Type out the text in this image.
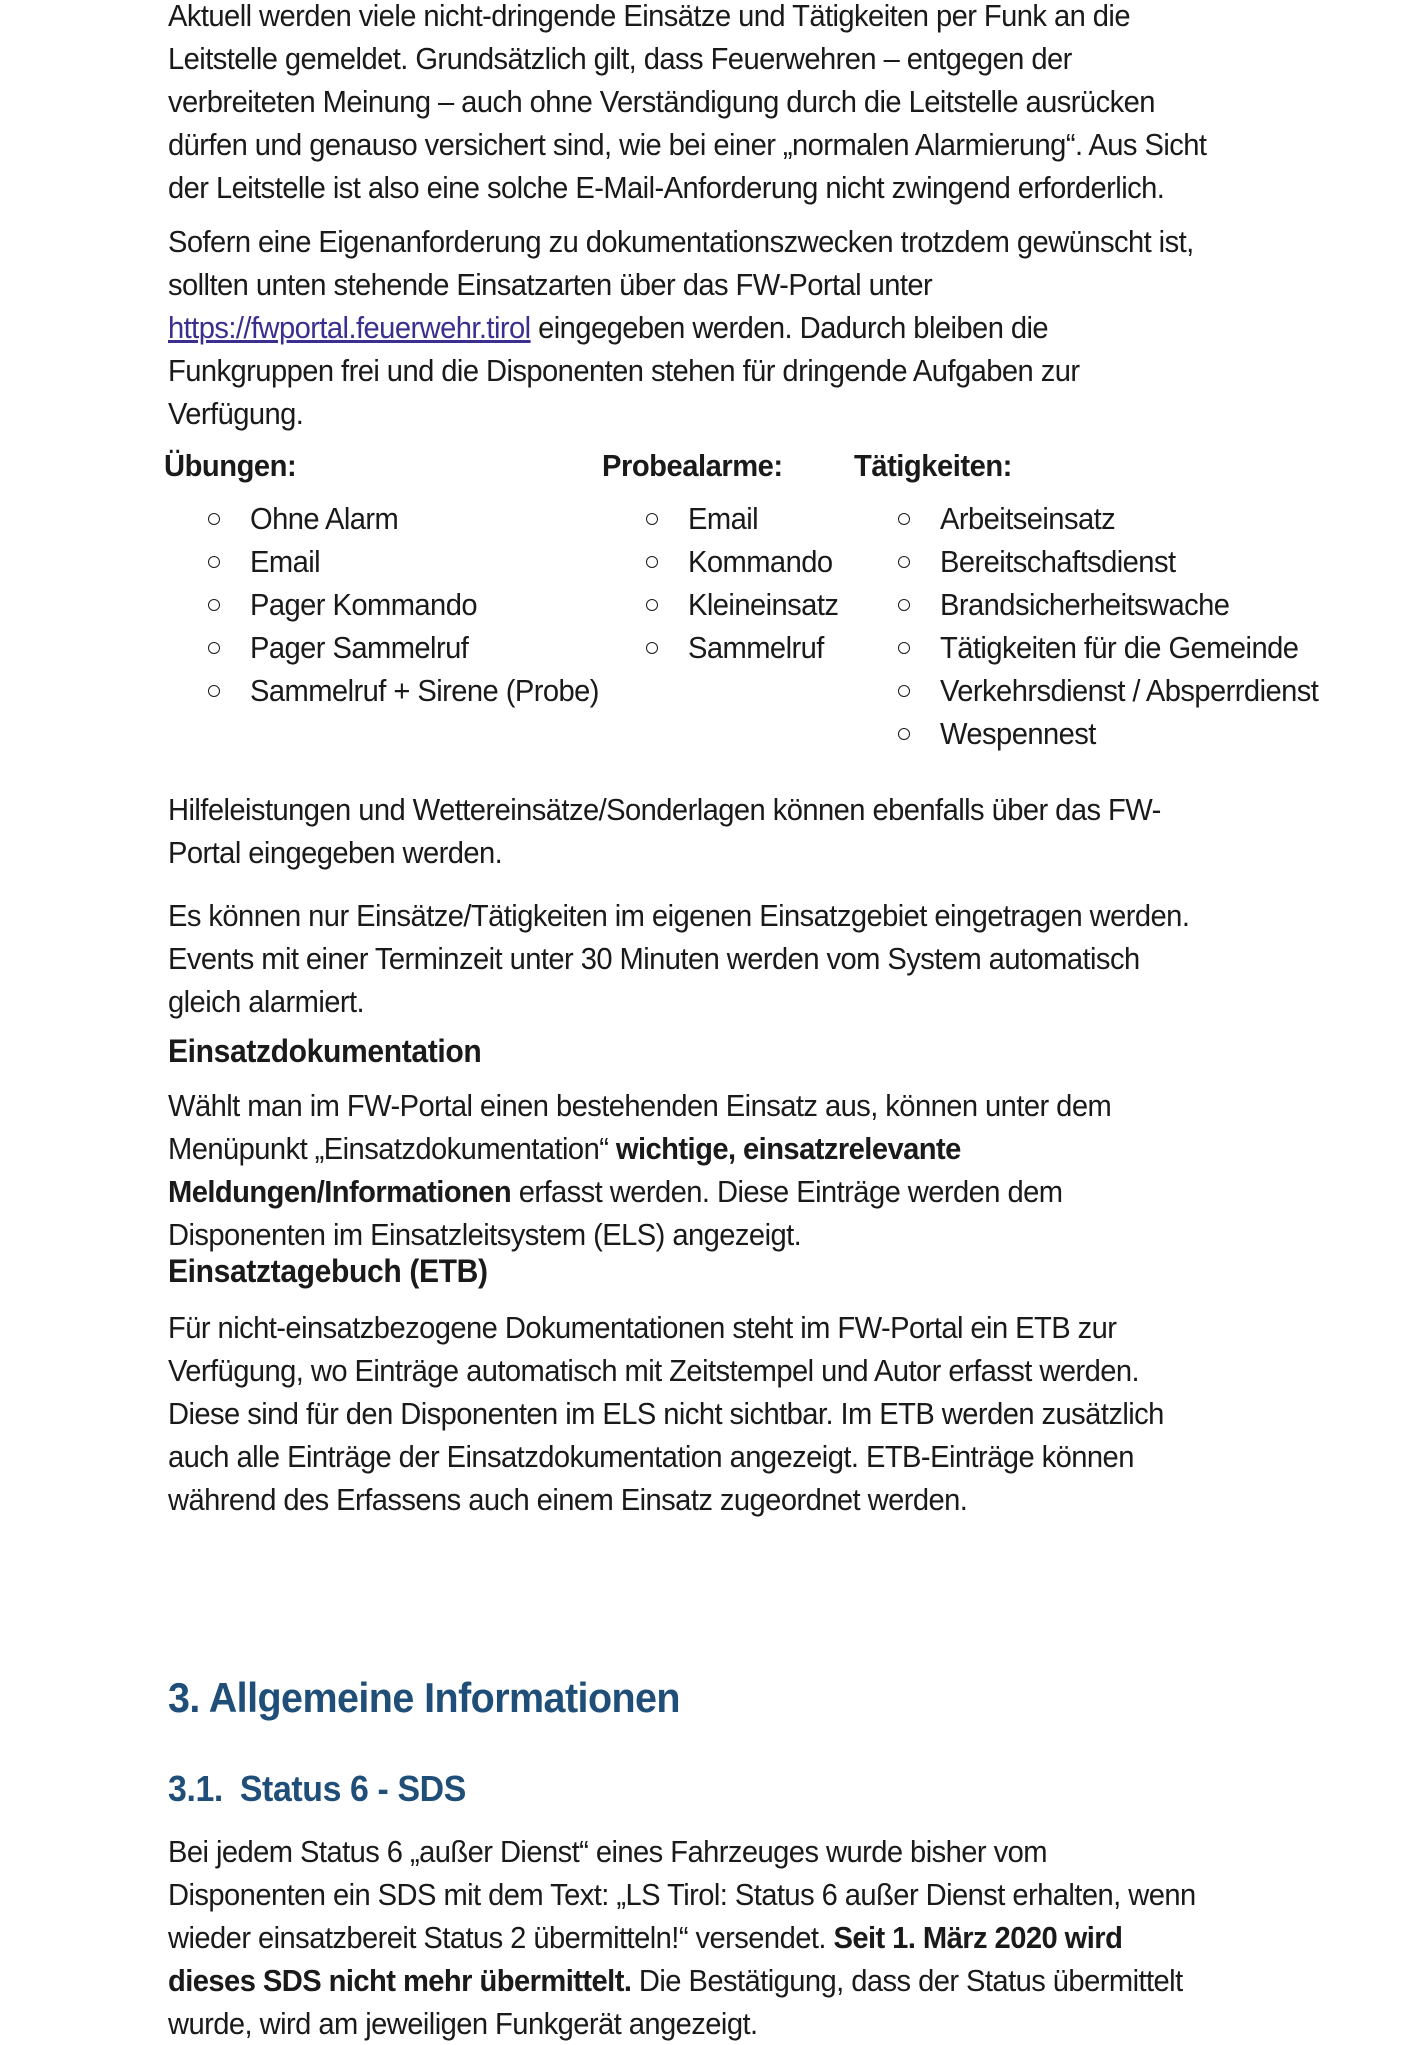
Aktuell werden viele nicht-dringende Einsätze und Tätigkeiten per Funk an die Leitstelle gemeldet. Grundsätzlich gilt, dass Feuerwehren – entgegen der verbreiteten Meinung – auch ohne Verständigung durch die Leitstelle ausrücken dürfen und genauso versichert sind, wie bei einer „normalen Alarmierung“. Aus Sicht der Leitstelle ist also eine solche E-Mail-Anforderung nicht zwingend erforderlich.

Sofern eine Eigenanforderung zu dokumentationszwecken trotzdem gewünscht ist, sollten unten stehende Einsatzarten über das FW-Portal unter https://fwportal.feuerwehr.tirol eingegeben werden. Dadurch bleiben die Funkgruppen frei und die Disponenten stehen für dringende Aufgaben zur Verfügung.

Übungen:
Ohne Alarm
Email
Pager Kommando
Pager Sammelruf
Sammelruf + Sirene (Probe)
Probealarme:
Email
Kommando
Kleineinsatz
Sammelruf
Tätigkeiten:
Arbeitseinsatz
Bereitschaftsdienst
Brandsicherheitswache
Tätigkeiten für die Gemeinde
Verkehrsdienst / Absperrdienst
Wespennest

Hilfeleistungen und Wettereinsätze/Sonderlagen können ebenfalls über das FW-Portal eingegeben werden.

Es können nur Einsätze/Tätigkeiten im eigenen Einsatzgebiet eingetragen werden. Events mit einer Terminzeit unter 30 Minuten werden vom System automatisch gleich alarmiert.

Einsatzdokumentation

Wählt man im FW-Portal einen bestehenden Einsatz aus, können unter dem Menüpunkt „Einsatzdokumentation“ wichtige, einsatzrelevante Meldungen/Informationen erfasst werden. Diese Einträge werden dem Disponenten im Einsatzleitsystem (ELS) angezeigt.

Einsatztagebuch (ETB)

Für nicht-einsatzbezogene Dokumentationen steht im FW-Portal ein ETB zur Verfügung, wo Einträge automatisch mit Zeitstempel und Autor erfasst werden. Diese sind für den Disponenten im ELS nicht sichtbar. Im ETB werden zusätzlich auch alle Einträge der Einsatzdokumentation angezeigt. ETB-Einträge können während des Erfassens auch einem Einsatz zugeordnet werden.

3. Allgemeine Informationen
3.1. Status 6 - SDS

Bei jedem Status 6 „außer Dienst“ eines Fahrzeuges wurde bisher vom Disponenten ein SDS mit dem Text: „LS Tirol: Status 6 außer Dienst erhalten, wenn wieder einsatzbereit Status 2 übermitteln!“ versendet. Seit 1. März 2020 wird dieses SDS nicht mehr übermittelt. Die Bestätigung, dass der Status übermittelt wurde, wird am jeweiligen Funkgerät angezeigt.
